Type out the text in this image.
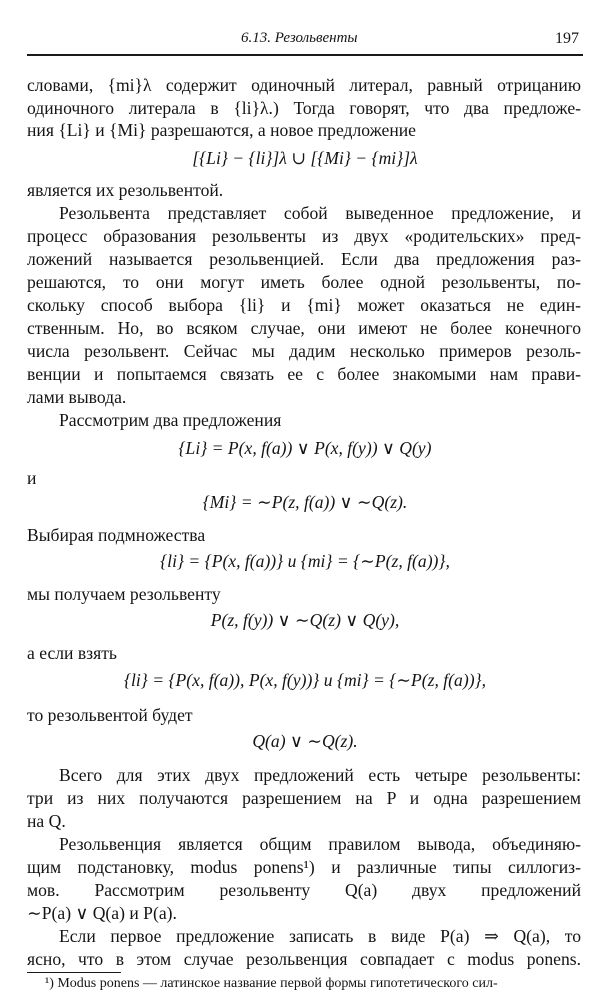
6.13. Резольвенты	197
словами, {mi}λ содержит одиночный литерал, равный отрицанию
одиночного литерала в {li}λ.) Тогда говорят, что два предложе-
ния {Li} и {Mi} разрешаются, а новое предложение
[{Li} − {li}]λ ∪ [{Mi} − {mi}]λ
является их резольвентой.
Резольвента представляет собой выведенное предложение, и
процесс образования резольвенты из двух «родительских» пред-
ложений называется резольвенцией. Если два предложения раз-
решаются, то они могут иметь более одной резольвенты, по-
скольку способ выбора {li} и {mi} может оказаться не един-
ственным. Но, во всяком случае, они имеют не более конечного
числа резольвент. Сейчас мы дадим несколько примеров резоль-
венции и попытаемся связать ее с более знакомыми нам прави-
лами вывода.
Рассмотрим два предложения
{Li} = P(x, f(a)) ∨ P(x, f(y)) ∨ Q(y)
и
{Mi} = ∼P(z, f(a)) ∨ ∼Q(z).
Выбирая подмножества
{li} = {P(x, f(a))} и {mi} = {∼P(z, f(a))},
мы получаем резольвенту
P(z, f(y)) ∨ ∼Q(z) ∨ Q(y),
а если взять
{li} = {P(x, f(a)), P(x, f(y))} и {mi} = {∼P(z, f(a))},
то резольвентой будет
Q(a) ∨ ∼Q(z).
Всего для этих двух предложений есть четыре резольвенты:
три из них получаются разрешением на P и одна разрешением
на Q.
Резольвенция является общим правилом вывода, объединяю-
щим подстановку, modus ponens¹) и различные типы силлогиз-
мов. Рассмотрим резольвенту Q(a) двух предложений
∼P(a) ∨ Q(a) и P(a).
Если первое предложение записать в виде P(a) ⇒ Q(a), то
ясно, что в этом случае резольвенция совпадает с modus ponens.
¹) Modus ponens — латинское название первой формы гипотетического сил-
